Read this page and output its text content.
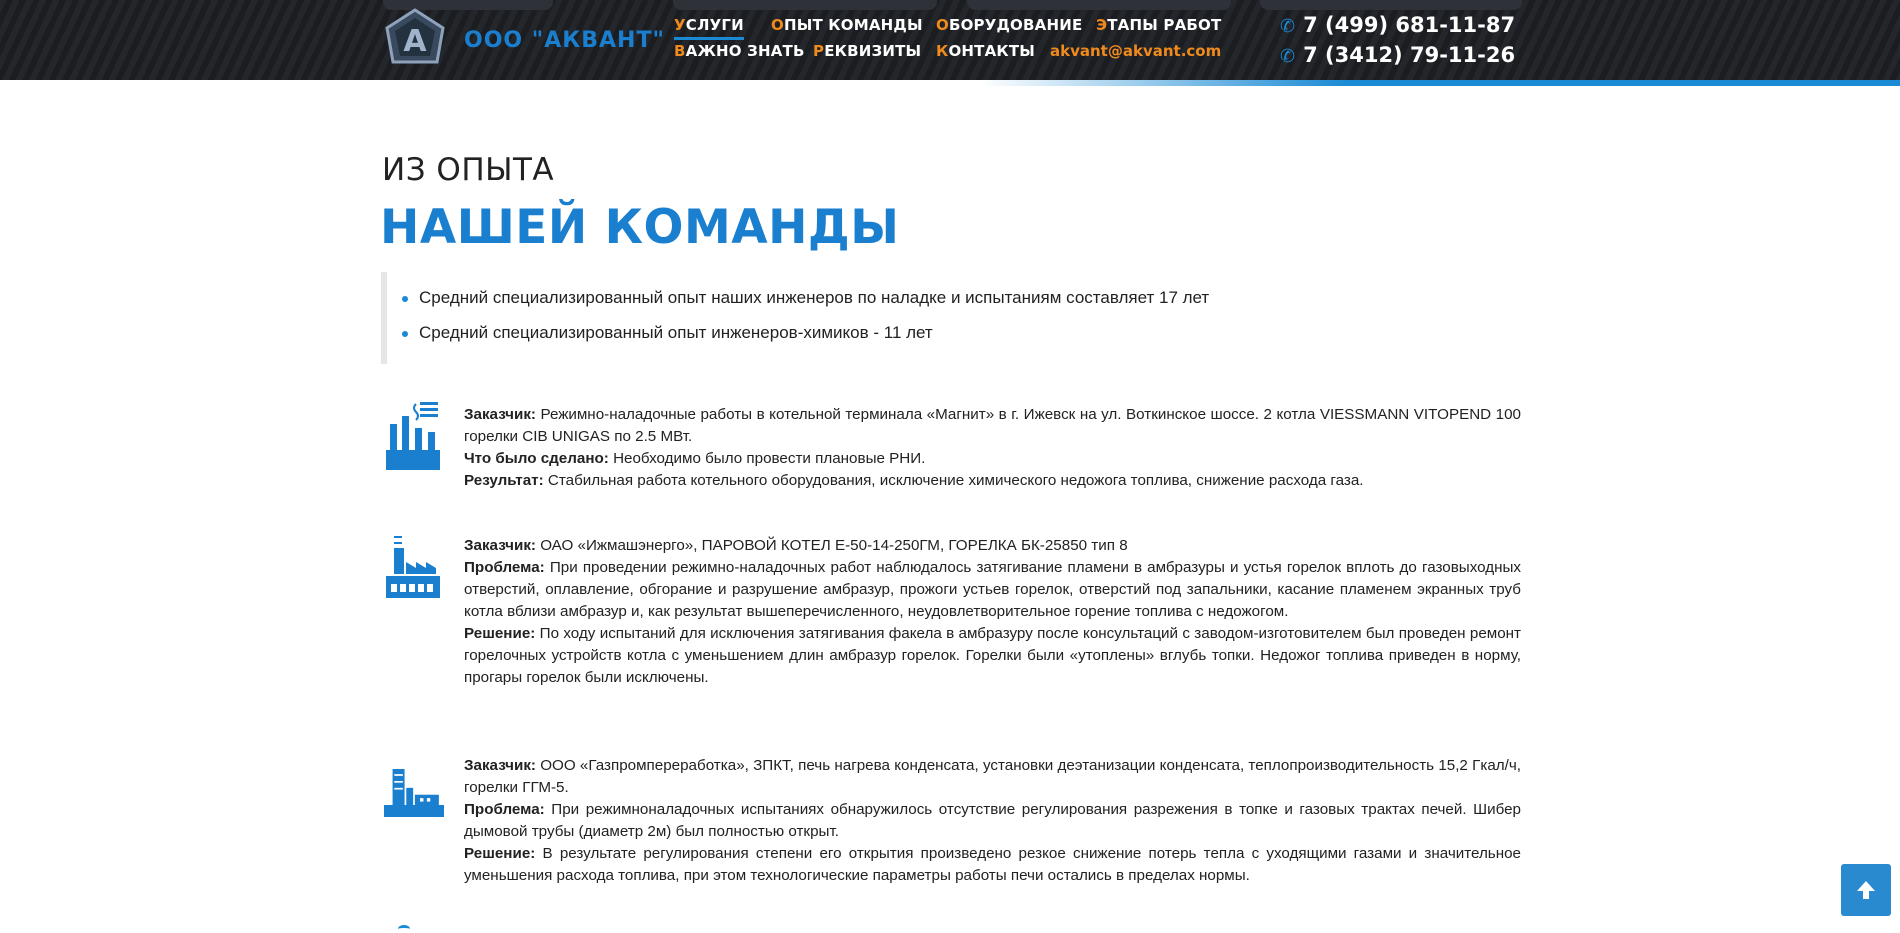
A ООО "АКВАНТ"
УСЛУГИ ОПЫТ КОМАНДЫ ОБОРУДОВАНИЕ ЭТАПЫ РАБОТ
ВАЖНО ЗНАТЬ РЕКВИЗИТЫ КОНТАКТЫ akvant@akvant.com
✆ 7 (499) 681-11-87
✆ 7 (3412) 79-11-26
ИЗ ОПЫТА
НАШЕЙ КОМАНДЫ
Средний специализированный опыт наших инженеров по наладке и испытаниям составляет 17 лет
Средний специализированный опыт инженеров-химиков - 11 лет

Заказчик: Режимно-наладочные работы в котельной терминала «Магнит» в г. Ижевск на ул. Воткинское шоссе. 2 котла VIESSMANN VITOPEND 100 горелки CIB UNIGAS по 2.5 МВт.

Что было сделано: Необходимо было провести плановые РНИ.

Результат: Стабильная работа котельного оборудования, исключение химического недожога топлива, снижение расхода газа.

Заказчик: ОАО «Ижмашэнерго», ПАРОВОЙ КОТЕЛ Е-50-14-250ГМ, ГОРЕЛКА БК-25850 тип 8

Проблема: При проведении режимно-наладочных работ наблюдалось затягивание пламени в амбразуры и устья горелок вплоть до газовыходных отверстий, оплавление, обгорание и разрушение амбразур, прожоги устьев горелок, отверстий под запальники, касание пламенем экранных труб котла вблизи амбразур и, как результат вышеперечисленного, неудовлетворительное горение топлива с недожогом.

Решение: По ходу испытаний для исключения затягивания факела в амбразуру после консультаций с заводом-изготовителем был проведен ремонт горелочных устройств котла с уменьшением длин амбразур горелок. Горелки были «утоплены» вглубь топки. Недожог топлива приведен в норму, прогары горелок были исключены.

Заказчик: ООО «Газпромпереработка», ЗПКТ, печь нагрева конденсата, установки деэтанизации конденсата, теплопроизводительность 15,2 Гкал/ч, горелки ГГМ-5.

Проблема: При режимноналадочных испытаниях обнаружилось отсутствие регулирования разрежения в топке и газовых трактах печей. Шибер дымовой трубы (диаметр 2м) был полностью открыт.

Решение: В результате регулирования степени его открытия произведено резкое снижение потерь тепла с уходящими газами и значительное уменьшения расхода топлива, при этом технологические параметры работы печи остались в пределах нормы.
